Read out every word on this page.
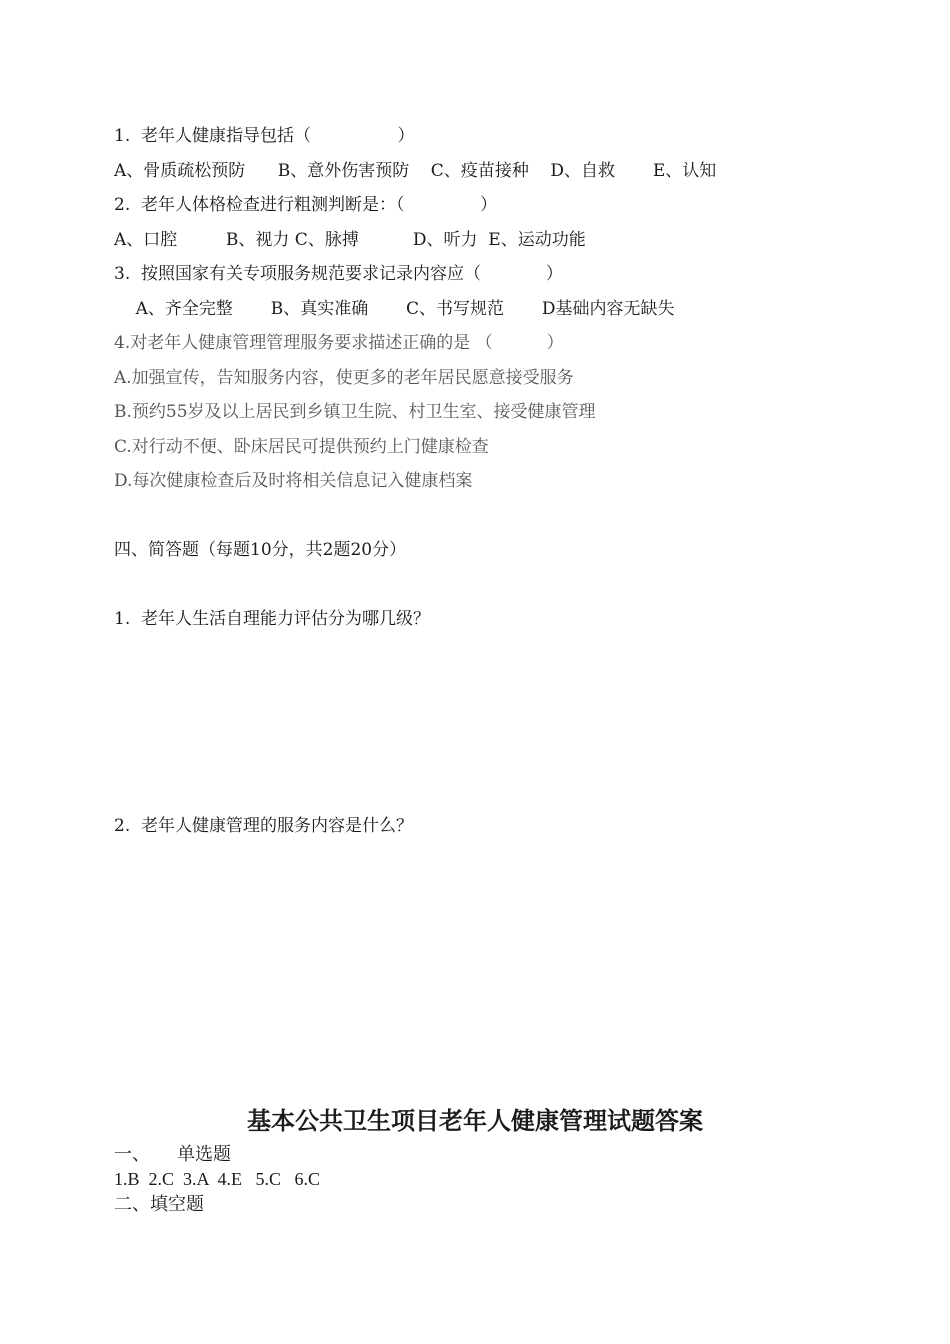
1.  老年人健康指导包括（                ）
A、骨质疏松预防      B、意外伤害预防    C、疫苗接种    D、自救       E、认知
2.  老年人体格检查进行粗测判断是：（              ）
A、口腔         B、视力 C、脉搏          D、听力  E、运动功能
3.  按照国家有关专项服务规范要求记录内容应（            ）
A、齐全完整       B、真实准确       C、书写规范       D基础内容无缺失
4.对老年人健康管理管理服务要求描述正确的是 （          ）
A.加强宣传，告知服务内容，使更多的老年居民愿意接受服务
B.预约55岁及以上居民到乡镇卫生院、村卫生室、接受健康管理
C.对行动不便、卧床居民可提供预约上门健康检查
D.每次健康检查后及时将相关信息记入健康档案
四、简答题（每题10分，共2题20分）
1.  老年人生活自理能力评估分为哪几级？
2.  老年人健康管理的服务内容是什么？
基本公共卫生项目老年人健康管理试题答案
一、      单选题
1.B  2.C  3.A  4.E   5.C   6.C
二、填空题
